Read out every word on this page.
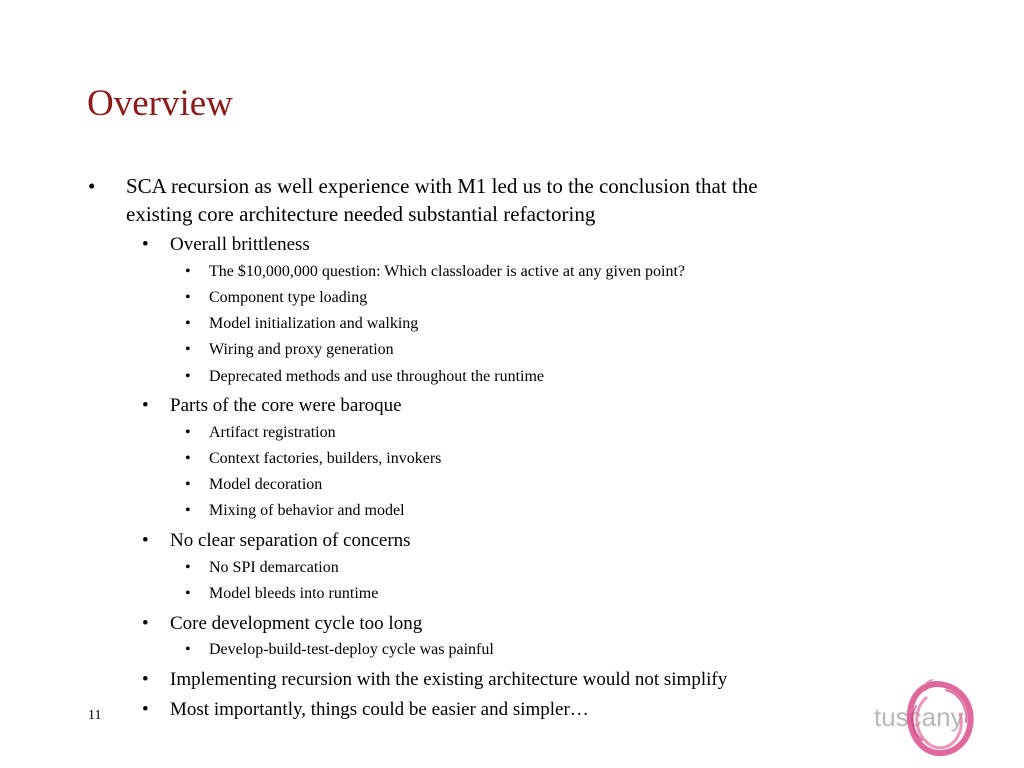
Overview
• SCA recursion as well experience with M1 led us to the conclusion that the
existing core architecture needed substantial refactoring
• Overall brittleness
• The $10,000,000 question: Which classloader is active at any given point?
• Component type loading
• Model initialization and walking
• Wiring and proxy generation
• Deprecated methods and use throughout the runtime
• Parts of the core were baroque
• Artifact registration
• Context factories, builders, invokers
• Model decoration
• Mixing of behavior and model
• No clear separation of concerns
• No SPI demarcation
• Model bleeds into runtime
• Core development cycle too long
• Develop-build-test-deploy cycle was painful
• Implementing recursion with the existing architecture would not simplify
• Most importantly, things could be easier and simpler…
11	tuscany
